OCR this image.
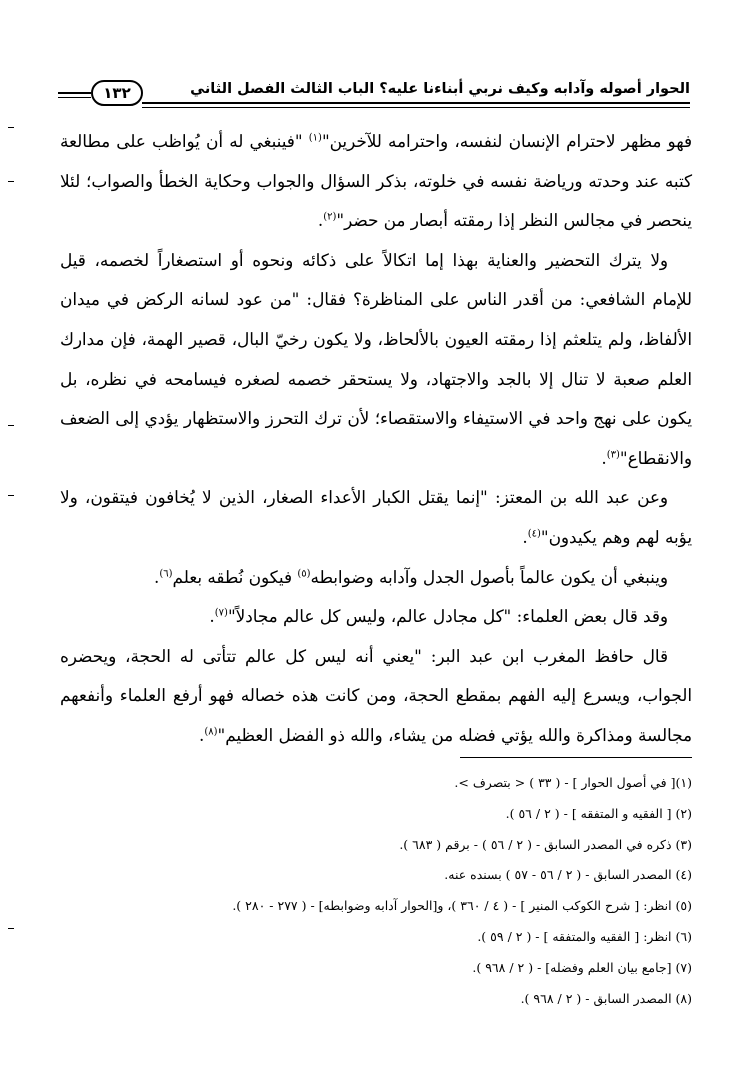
الحوار أصوله وآدابه وكيف نربي أبناءنا عليه؟ الباب الثالث الفصل الثاني
١٣٢

فهو مظهر لاحترام الإنسان لنفسه، واحترامه للآخرين"$^{(١)}$ "فينبغي له أن يُواظب على مطالعة كتبه عند وحدته ورياضة نفسه في خلوته، بذكر السؤال والجواب وحكاية الخطأ والصواب؛ لئلا ينحصر في مجالس النظر إذا رمقته أبصار من حضر"$^{(٢)}$.

ولا يترك التحضير والعناية بهذا إما اتكالاً على ذكائه ونحوه أو استصغاراً لخصمه، قيل للإمام الشافعي: من أقدر الناس على المناظرة؟ فقال: "من عود لسانه الركض في ميدان الألفاظ، ولم يتلعثم إذا رمقته العيون بالألحاظ، ولا يكون رخيّ البال، قصير الهمة، فإن مدارك العلم صعبة لا تنال إلا بالجد والاجتهاد، ولا يستحقر خصمه لصغره فيسامحه في نظره، بل يكون على نهج واحد في الاستيفاء والاستقصاء؛ لأن ترك التحرز والاستظهار يؤدي إلى الضعف والانقطاع"$^{(٣)}$.

وعن عبد الله بن المعتز: "إنما يقتل الكبار الأعداء الصغار، الذين لا يُخافون فيتقون، ولا يؤبه لهم وهم يكيدون"$^{(٤)}$.

وينبغي أن يكون عالماً بأصول الجدل وآدابه وضوابطه$^{(٥)}$ فيكون نُطقه بعلم$^{(٦)}$.

وقد قال بعض العلماء: "كل مجادل عالم، وليس كل عالم مجادلاً"$^{(٧)}$.

قال حافظ المغرب ابن عبد البر: "يعني أنه ليس كل عالم تتأتى له الحجة، ويحضره الجواب، ويسرع إليه الفهم بمقطع الحجة، ومن كانت هذه خصاله فهو أرفع العلماء وأنفعهم مجالسة ومذاكرة والله يؤتي فضله من يشاء، والله ذو الفضل العظيم"$^{(٨)}$.

(١)[ في أصول الحوار ] - ( ٣٣ ) < بتصرف >.

(٢) [ الفقيه و المتفقه ] - ( ٢ / ٥٦ ).

(٣) ذكره في المصدر السابق - ( ٢ / ٥٦ ) - برقم ( ٦٨٣ ).

(٤) المصدر السابق - ( ٢ / ٥٦ - ٥٧ ) بسنده عنه.

(٥) انظر: [ شرح الكوكب المنير ] - ( ٤ / ٣٦٠ )، و[الحوار آدابه وضوابطه] - ( ٢٧٧ - ٢٨٠ ).

(٦) انظر: [ الفقيه والمتفقه ] - ( ٢ / ٥٩ ).

(٧) [جامع بيان العلم وفضله] - ( ٢ / ٩٦٨ ).

(٨) المصدر السابق - ( ٢ / ٩٦٨ ).
